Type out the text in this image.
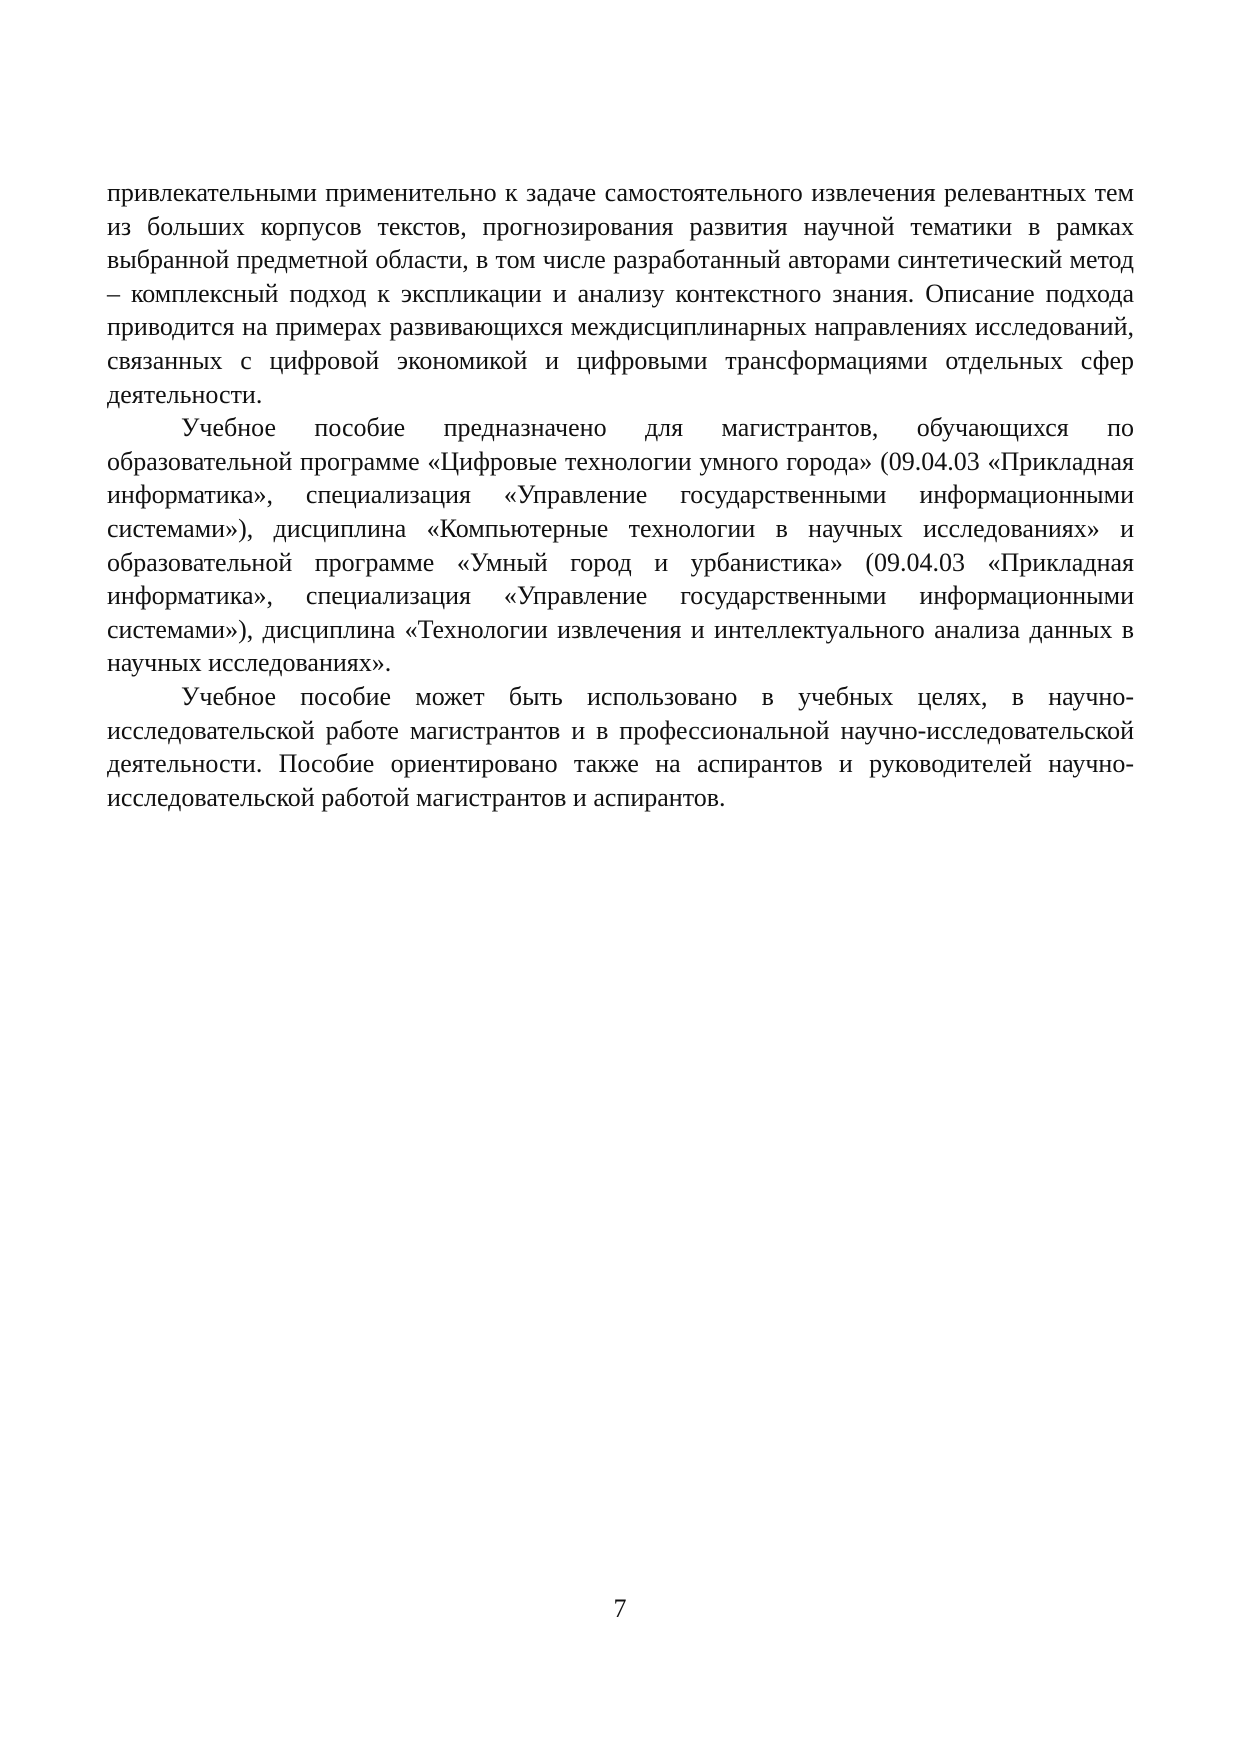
привлекательными применительно к задаче самостоятельного извлечения релевантных тем из больших корпусов текстов, прогнозирования развития научной тематики в рамках выбранной предметной области, в том числе разработанный авторами синтетический метод – комплексный подход к экспликации и анализу контекстного знания. Описание подхода приводится на примерах развивающихся междисциплинарных направлениях исследований, связанных с цифровой экономикой и цифровыми трансформациями отдельных сфер деятельности.

Учебное пособие предназначено для магистрантов, обучающихся по образовательной программе «Цифровые технологии умного города» (09.04.03 «Прикладная информатика», специализация «Управление государственными информационными системами»), дисциплина «Компьютерные технологии в научных исследованиях» и образовательной программе «Умный город и урбанистика» (09.04.03 «Прикладная информатика», специализация «Управление государственными информационными системами»), дисциплина «Технологии извлечения и интеллектуального анализа данных в научных исследованиях».

Учебное пособие может быть использовано в учебных целях, в научно-исследовательской работе магистрантов и в профессиональной научно-исследовательской деятельности. Пособие ориентировано также на аспирантов и руководителей научно-исследовательской работой магистрантов и аспирантов.

7
